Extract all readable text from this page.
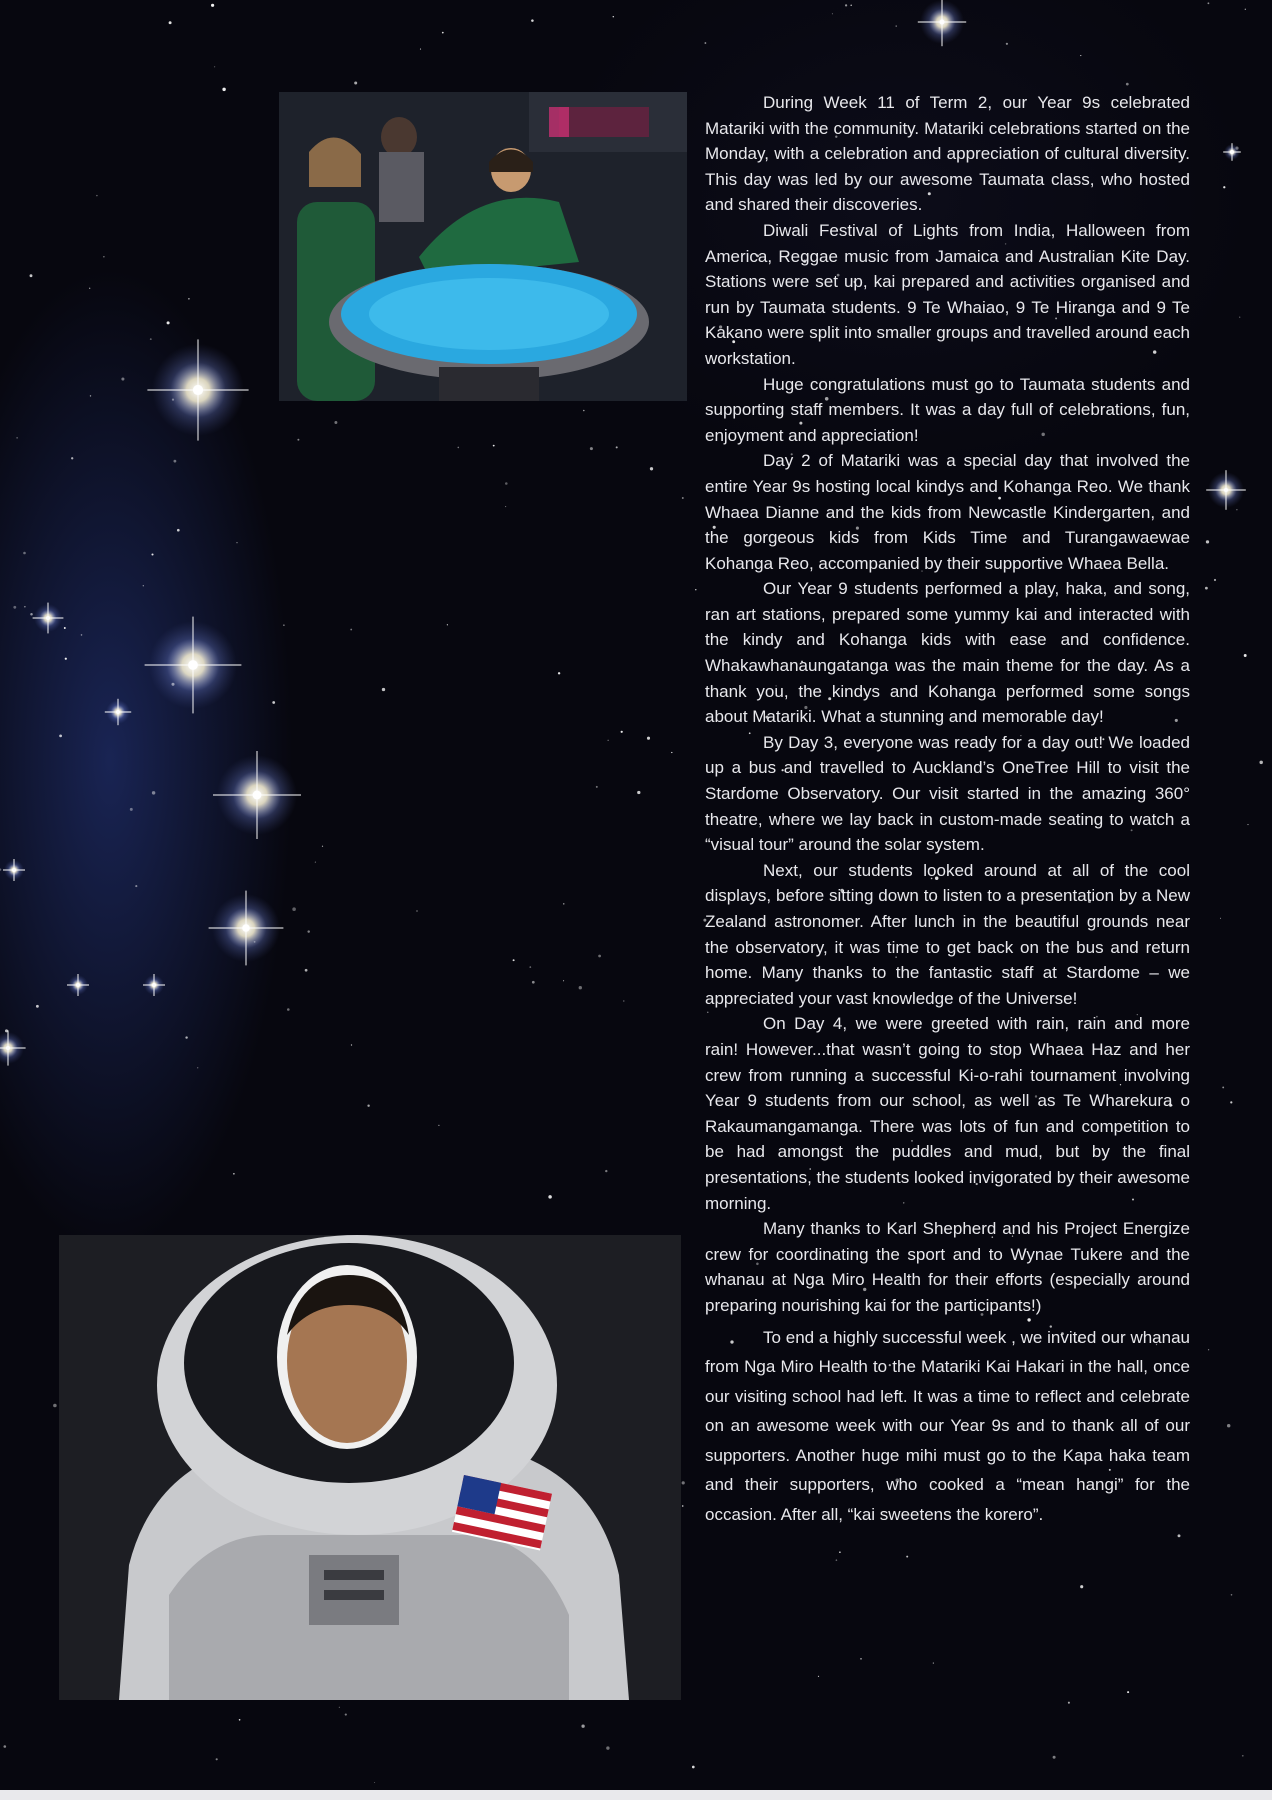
During Week 11 of Term 2, our Year 9s celebrated Matariki with the community. Matariki celebrations started on the Monday, with a celebration and appreciation of cultural diversity. This day was led by our awesome Taumata class, who hosted and shared their discoveries.

Diwali Festival of Lights from India, Halloween from America, Reggae music from Jamaica and Australian Kite Day. Stations were set up, kai prepared and activities organised and run by Taumata students. 9 Te Whaiao, 9 Te Hiranga and 9 Te Kakano were split into smaller groups and travelled around each workstation.

Huge congratulations must go to Taumata students and supporting staff members. It was a day full of celebrations, fun, enjoyment and appreciation!

Day 2 of Matariki was a special day that involved the entire Year 9s hosting local kindys and Kohanga Reo. We thank Whaea Dianne and the kids from Newcastle Kindergarten, and the gorgeous kids from Kids Time and Turangawaewae Kohanga Reo, accompanied by their supportive Whaea Bella.

Our Year 9 students performed a play, haka, and song, ran art stations, prepared some yummy kai and interacted with the kindy and Kohanga kids with ease and confidence. Whakawhanaungatanga was the main theme for the day. As a thank you, the kindys and Kohanga performed some songs about Matariki. What a stunning and memorable day!

By Day 3, everyone was ready for a day out! We loaded up a bus and travelled to Auckland’s OneTree Hill to visit the Stardome Observatory. Our visit started in the amazing 360° theatre, where we lay back in custom-made seating to watch a “visual tour” around the solar system.

Next, our students looked around at all of the cool displays, before sitting down to listen to a presentation by a New Zealand astronomer. After lunch in the beautiful grounds near the observatory, it was time to get back on the bus and return home. Many thanks to the fantastic staff at Stardome – we appreciated your vast knowledge of the Universe!

On Day 4, we were greeted with rain, rain and more rain! However...that wasn’t going to stop Whaea Haz and her crew from running a successful Ki-o-rahi tournament involving Year 9 students from our school, as well as Te Wharekura o Rakaumangamanga. There was lots of fun and competition to be had amongst the puddles and mud, but by the final presentations, the students looked invigorated by their awesome morning.

Many thanks to Karl Shepherd and his Project Energize crew for coordinating the sport and to Wynae Tukere and the whanau at Nga Miro Health for their efforts (especially around preparing nourishing kai for the participants!)

To end a highly successful week , we invited our whanau from Nga Miro Health to the Matariki Kai Hakari in the hall, once our visiting school had left. It was a time to reflect and celebrate on an awesome week with our Year 9s and to thank all of our supporters. Another huge mihi must go to the Kapa haka team and their supporters, who cooked a “mean hangi” for the occasion. After all, “kai sweetens the korero”.
